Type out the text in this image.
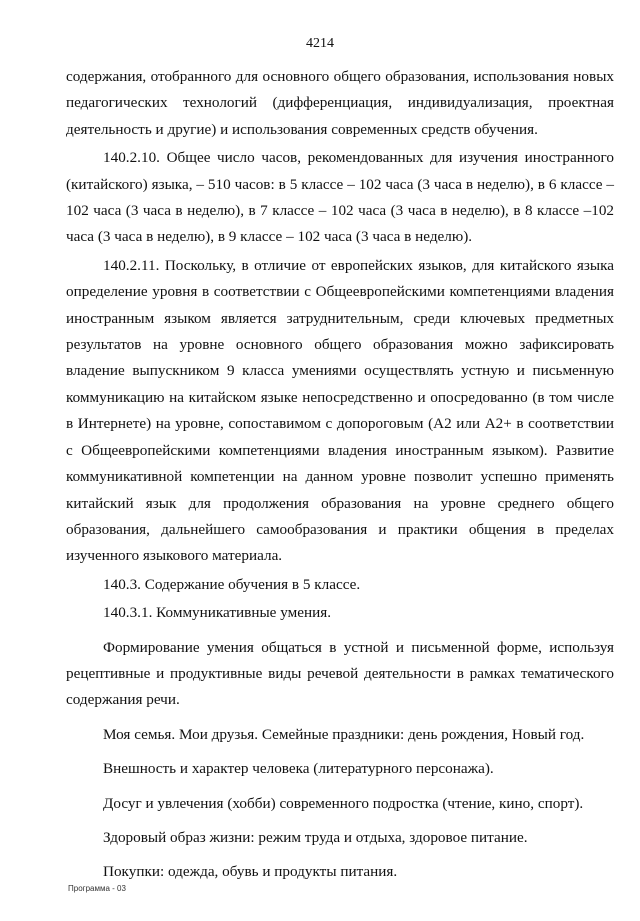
4214

содержания, отобранного для основного общего образования, использования новых педагогических технологий (дифференциация, индивидуализация, проектная деятельность и другие) и использования современных средств обучения.

140.2.10. Общее число часов, рекомендованных для изучения иностранного (китайского) языка, – 510 часов: в 5 классе – 102 часа (3 часа в неделю), в 6 классе –102 часа (3 часа в неделю), в 7 классе – 102 часа (3 часа в неделю), в 8 классе –102 часа (3 часа в неделю), в 9 классе – 102 часа (3 часа в неделю).

140.2.11. Поскольку, в отличие от европейских языков, для китайского языка определение уровня в соответствии с Общеевропейскими компетенциями владения иностранным языком является затруднительным, среди ключевых предметных результатов на уровне основного общего образования можно зафиксировать владение выпускником 9 класса умениями осуществлять устную и письменную коммуникацию на китайском языке непосредственно и опосредованно (в том числе в Интернете) на уровне, сопоставимом с допороговым (А2 или А2+ в соответствии с Общеевропейскими компетенциями владения иностранным языком). Развитие коммуникативной компетенции на данном уровне позволит успешно применять китайский язык для продолжения образования на уровне среднего общего образования, дальнейшего самообразования и практики общения в пределах изученного языкового материала.

140.3. Содержание обучения в 5 классе.

140.3.1. Коммуникативные умения.

Формирование умения общаться в устной и письменной форме, используя рецептивные и продуктивные виды речевой деятельности в рамках тематического содержания речи.

Моя семья. Мои друзья. Семейные праздники: день рождения, Новый год.

Внешность и характер человека (литературного персонажа).

Досуг и увлечения (хобби) современного подростка (чтение, кино, спорт).

Здоровый образ жизни: режим труда и отдыха, здоровое питание.

Покупки: одежда, обувь и продукты питания.

Программа - 03
